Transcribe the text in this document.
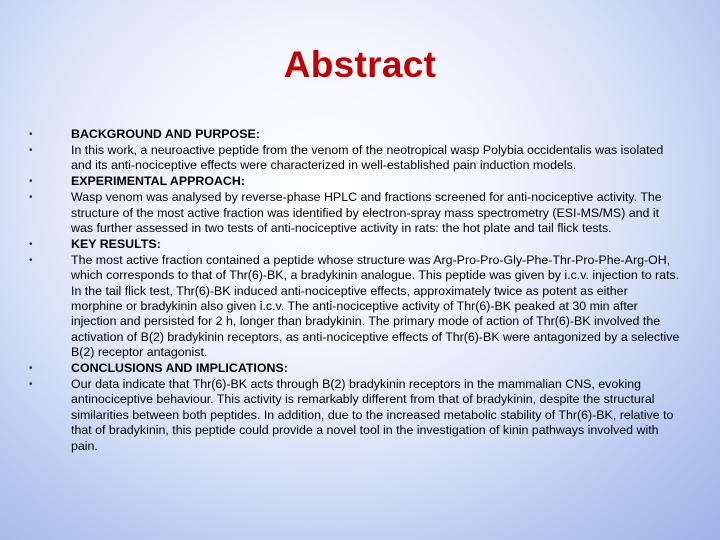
Abstract
•	BACKGROUND AND PURPOSE:
•	In this work, a neuroactive peptide from the venom of the neotropical wasp Polybia occidentalis was isolated and its anti-nociceptive effects were characterized in well-established pain induction models.
•	EXPERIMENTAL APPROACH:
•	Wasp venom was analysed by reverse-phase HPLC and fractions screened for anti-nociceptive activity. The structure of the most active fraction was identified by electron-spray mass spectrometry (ESI-MS/MS) and it was further assessed in two tests of anti-nociceptive activity in rats: the hot plate and tail flick tests.
•	KEY RESULTS:
•	The most active fraction contained a peptide whose structure was Arg-Pro-Pro-Gly-Phe-Thr-Pro-Phe-Arg-OH, which corresponds to that of Thr(6)-BK, a bradykinin analogue. This peptide was given by i.c.v. injection to rats. In the tail flick test, Thr(6)-BK induced anti-nociceptive effects, approximately twice as potent as either morphine or bradykinin also given i.c.v. The anti-nociceptive activity of Thr(6)-BK peaked at 30 min after injection and persisted for 2 h, longer than bradykinin. The primary mode of action of Thr(6)-BK involved the activation of B(2) bradykinin receptors, as anti-nociceptive effects of Thr(6)-BK were antagonized by a selective B(2) receptor antagonist.
•	CONCLUSIONS AND IMPLICATIONS:
•	Our data indicate that Thr(6)-BK acts through B(2) bradykinin receptors in the mammalian CNS, evoking antinociceptive behaviour. This activity is remarkably different from that of bradykinin, despite the structural similarities between both peptides. In addition, due to the increased metabolic stability of Thr(6)-BK, relative to that of bradykinin, this peptide could provide a novel tool in the investigation of kinin pathways involved with pain.
